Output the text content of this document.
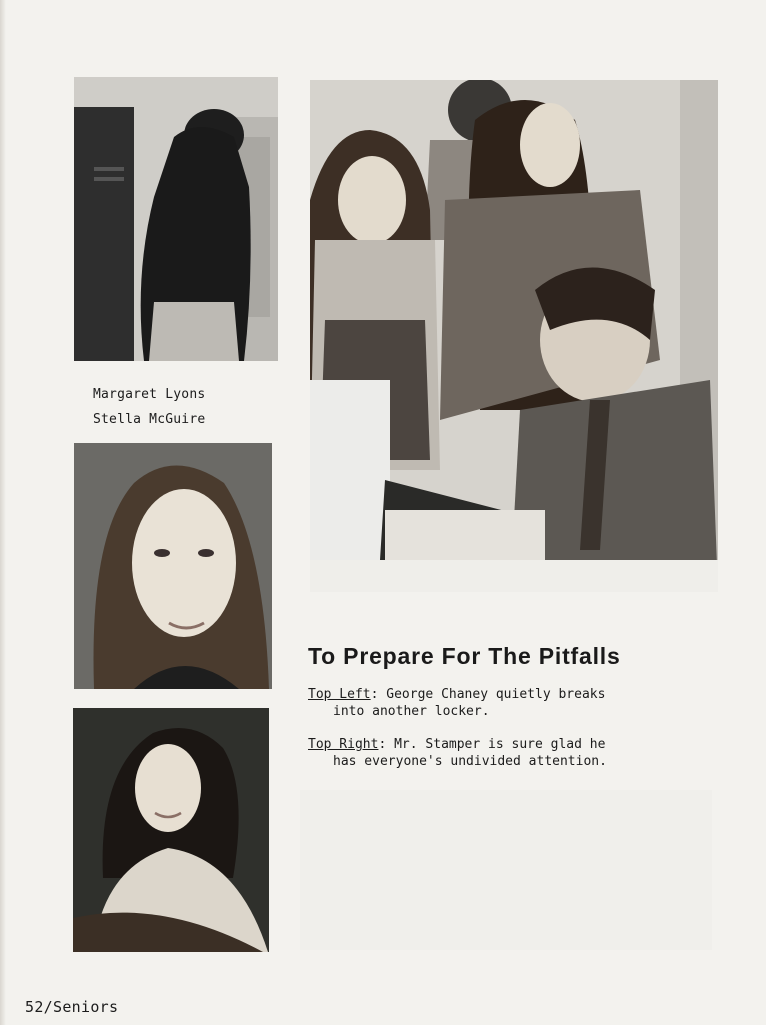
Margaret Lyons
Stella McGuire
To Prepare For The Pitfalls
Top Left: George Chaney quietly breaks
into another locker.
Top Right: Mr. Stamper is sure glad he
has everyone's undivided attention.
52/Seniors
